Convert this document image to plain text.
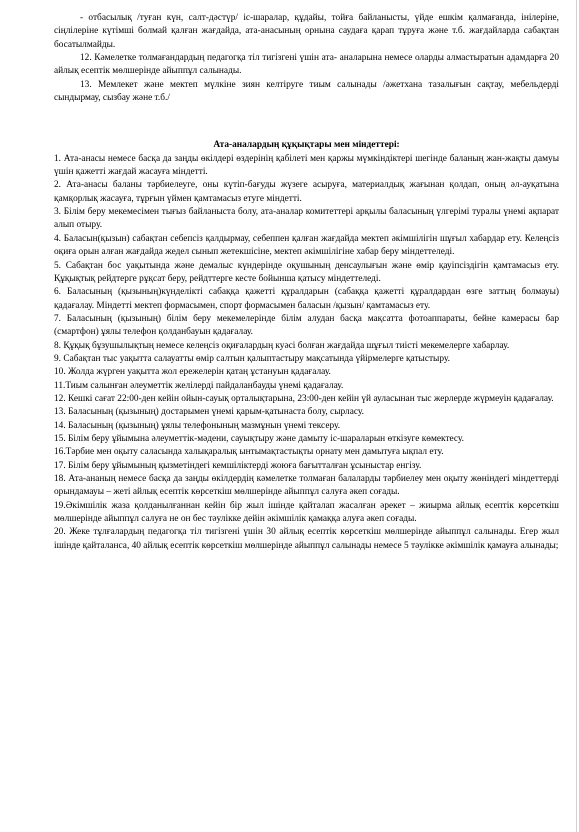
- отбасылық /туған күн, салт-дәстүр/ іс-шаралар, құдайы, тойға байланысты, үйде ешкім қалмағанда, інілеріне, сіңлілеріне күтімші болмай қалған жағдайда, ата-анасының орнына саудаға қарап тұруға және т.б. жағдайларда сабақтан босатылмайды.

12. Кәмелетке толмағандардың педагогқа тіл тигізгені үшін ата- аналарына немесе оларды алмастыратын адамдарға 20 айлық есептік мөлшерінде айыппұл салынады.

13. Мемлекет және мектеп мүлкіне зиян келтіруге тиым салынады /әжетхана тазалығын сақтау, мебельдерді сындырмау, сызбау және т.б./

Ата-аналардың құқықтары мен міндеттері:

1. Ата-анасы немесе басқа да заңды өкілдері өздерінің қабілеті мен қаржы мүмкіндіктері шегінде баланың жан-жақты дамуы үшін қажетті жағдай жасауға міндетті.

2. Ата-анасы баланы тәрбиелеуге, оны күтіп-бағуды жүзеге асыруға, материалдық жағынан қолдап, оның әл-ауқатына қамқорлық жасауға, тұрғын үймен қамтамасыз етуге міндетті.

3. Білім беру мекемесімен тығыз байланыста болу, ата-аналар комитеттері арқылы баласының үлгерімі туралы үнемі ақпарат алып отыру.

4. Баласын(қызын) сабақтан себепсіз қалдырмау, себеппен қалған жағдайда мектеп әкімшілігін шұғыл хабардар ету. Келеңсіз оқиға орын алған жағдайда жедел сынып жетекшісіне, мектеп әкімшілігіне хабар беру міндеттеледі.

5. Сабақтан бос уақытында және демалыс күндерінде оқушының денсаулығын және өмір қауіпсіздігін қамтамасыз ету. Құқықтық рейдтерге рұқсат беру, рейдттерге кесте бойынша қатысу міндеттеледі.

6. Баласының (қызының)күнделікті сабаққа қажетті құралдарын (сабаққа қажетті құралдардан өзге заттың болмауы) қадағалау. Міндетті мектеп формасымен, спорт формасымен баласын /қызын/ қамтамасыз ету.

7. Баласының (қызының) білім беру мекемелерінде білім алудан басқа мақсатта фотоаппараты, бейне камерасы бар (смартфон) ұялы телефон қолданбауын қадағалау.

8. Құқық бұзушылықтың немесе келеңсіз оқиғалардың куәсі болған жағдайда шұғыл тиісті мекемелерге хабарлау.

9. Сабақтан тыс уақытта салауатты өмір салтын қалыптастыру мақсатында үйірмелерге қатыстыру.

10. Жолда жүрген уақытта жол ережелерін қатаң ұстануын қадағалау.

11.Тиым салынған әлеуметтік желілерді пайдаланбауды үнемі қадағалау.

12. Кешкі сағат 22:00-ден кейін ойын-сауық орталықтарына, 23:00-ден кейін үй ауласынан тыс жерлерде жүрмеуін қадағалау.

13. Баласының (қызының) достарымен үнемі қарым-қатынаста болу, сырласу.

14. Баласының (қызының) ұялы телефонының мазмұнын үнемі тексеру.

15. Білім беру ұйымына әлеуметтік-мәдени, сауықтыру және дамыту іс-шараларын өткізуге көмектесу.

16.Тәрбие мен оқыту саласында халықаралық ынтымақтастықты орнату мен дамытуға ықпал ету.

17. Білім беру ұйымының қызметіндегі кемшіліктерді жоюға бағытталған ұсыныстар енгізу.

18. Ата-ананың немесе басқа да заңды өкілдердің кәмелетке толмаған балаларды тәрбиелеу мен оқыту жөніндегі міндеттерді орындамауы – жеті айлық есептік көрсеткіш мөлшерінде айыппұл салуға әкеп соғады.

19.Әкімшілік жаза қолданылғаннан кейін бір жыл ішінде қайталап жасалған әрекет – жиырма айлық есептік көрсеткіш мөлшерінде айыппұл салуға не он бес тәулікке дейін әкімшілік қамаққа алуға әкеп соғады.

20. Жеке тұлғалардың педагогқа тіл тигізгені үшін 30 айлық есептік көрсеткіш мөлшерінде айыппұл салынады. Егер жыл ішінде қайталанса, 40 айлық есептік көрсеткіш мөлшерінде айыппұл салынады немесе 5 тәулікке әкімшілік қамауға алынады;
